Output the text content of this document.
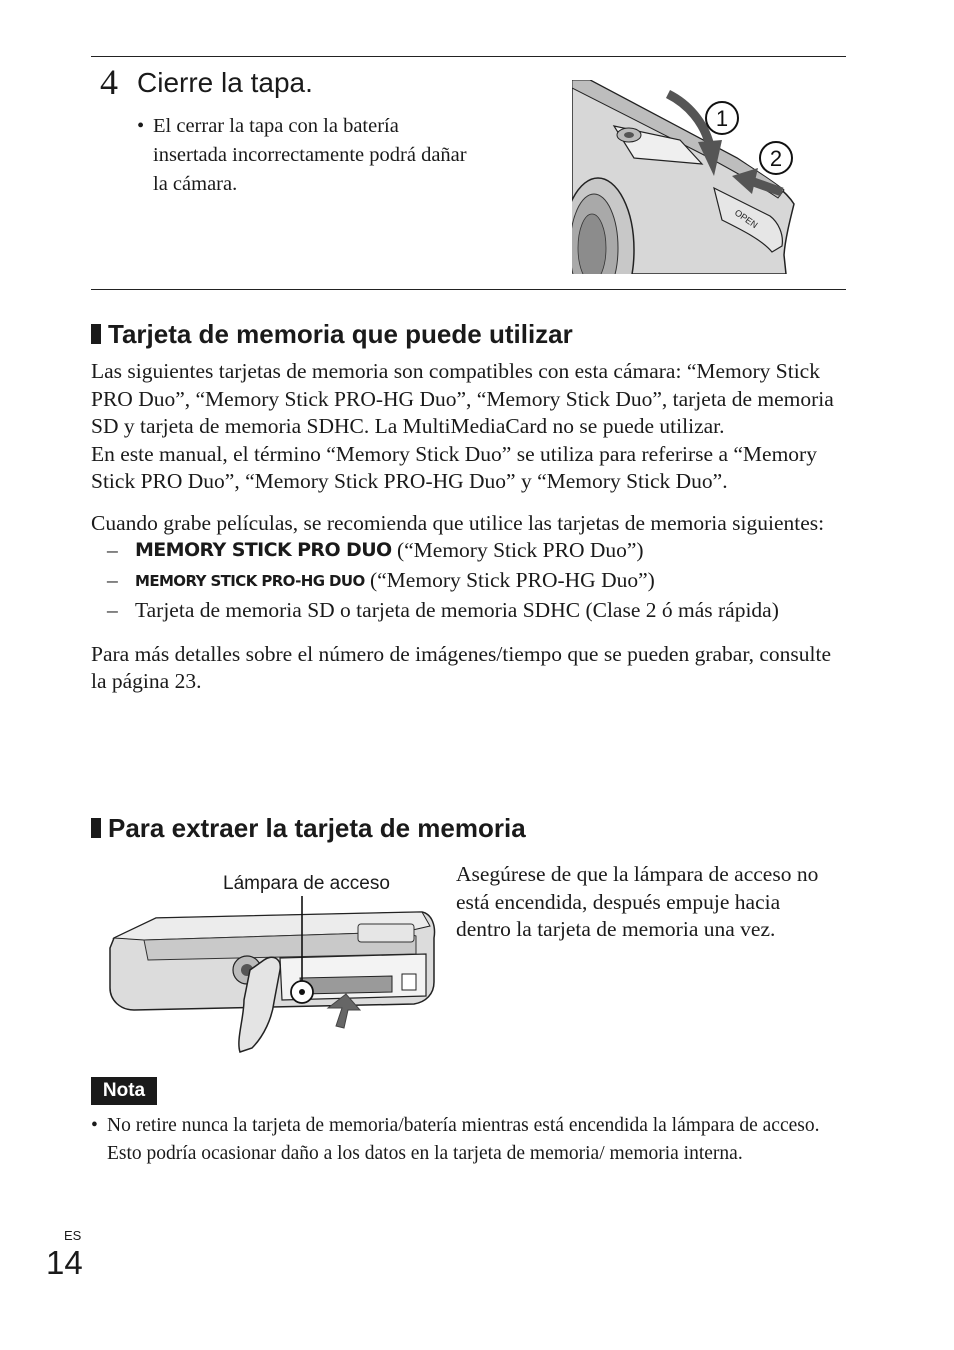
4 Cierre la tapa.
• El cerrar la tapa con la batería insertada incorrectamente podrá dañar la cámara.
OPEN
1
2
Tarjeta de memoria que puede utilizar

Las siguientes tarjetas de memoria son compatibles con esta cámara: “Memory Stick PRO Duo”, “Memory Stick PRO-HG Duo”, “Memory Stick Duo”, tarjeta de memoria SD y tarjeta de memoria SDHC. La MultiMediaCard no se puede utilizar.

En este manual, el término “Memory Stick Duo” se utiliza para referirse a “Memory Stick PRO Duo”, “Memory Stick PRO-HG Duo” y “Memory Stick Duo”.

Cuando grabe películas, se recomienda que utilice las tarjetas de memoria siguientes:

– MEMORY STICK PRO DUO (“Memory Stick PRO Duo”)
– MEMORY STICK PRO-HG DUO (“Memory Stick PRO-HG Duo”)
– Tarjeta de memoria SD o tarjeta de memoria SDHC (Clase 2 ó más rápida)

Para más detalles sobre el número de imágenes/tiempo que se pueden grabar, consulte la página 23.

Para extraer la tarjeta de memoria
Lámpara de acceso	Asegúrese de que la lámpara de acceso no está encendida, después empuje hacia dentro la tarjeta de memoria una vez.
Nota
• No retire nunca la tarjeta de memoria/batería mientras está encendida la lámpara de acceso. Esto podría ocasionar daño a los datos en la tarjeta de memoria/ memoria interna.
ES
14
